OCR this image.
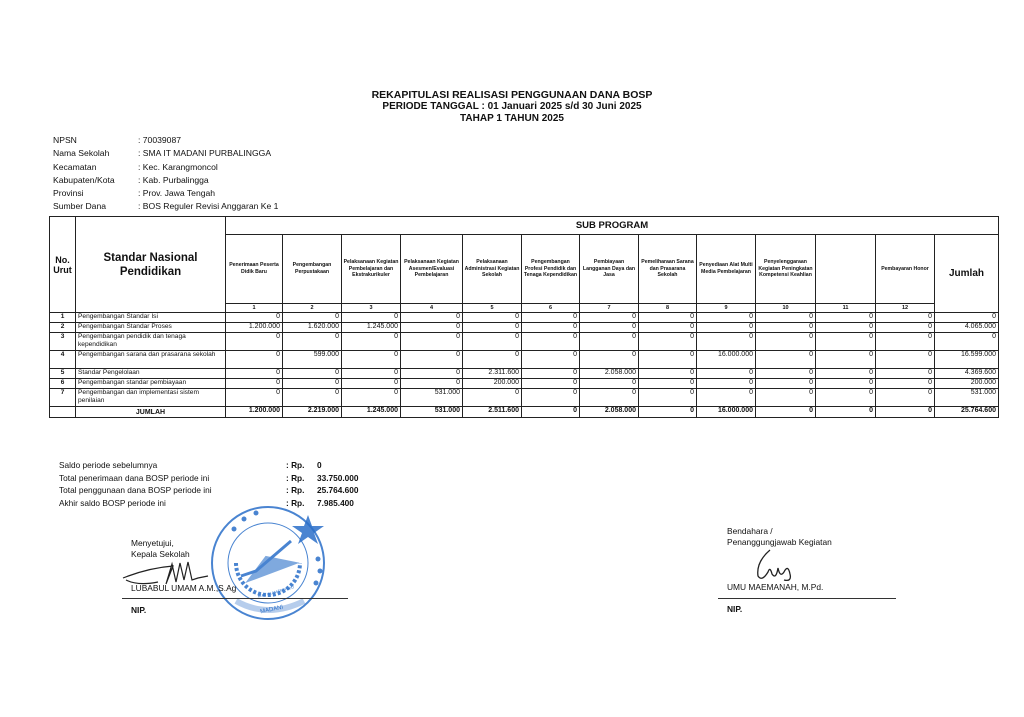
REKAPITULASI REALISASI PENGGUNAAN DANA BOSP
PERIODE TANGGAL : 01 Januari 2025 s/d 30 Juni 2025
TAHAP 1 TAHUN 2025
NPSN	: 70039087
Nama Sekolah	: SMA IT MADANI PURBALINGGA
Kecamatan	: Kec. Karangmoncol
Kabupaten/Kota	: Kab. Purbalingga
Provinsi	: Prov. Jawa Tengah
Sumber Dana	: BOS Reguler Revisi Anggaran Ke 1
No. Urut	Standar Nasional Pendidikan	SUB PROGRAM												
		Penerimaan Peserta Didik Baru	Pengembangan Perpustakaan	Pelaksanaan Kegiatan Pembelajaran dan Ekstrakurikuler	Pelaksanaan Kegiatan Asesmen/Evaluasi Pembelajaran	Pelaksanaan Administrasi Kegiatan Sekolah	Pengembangan Profesi Pendidik dan Tenaga Kependidikan	Pembiayaan Langganan Daya dan Jasa	Pemeliharaan Sarana dan Prasarana Sekolah	Penyediaan Alat Multi Media Pembelajaran	Penyelenggaraan Kegiatan Peningkatan Kompetensi Keahlian		Pembayaran Honor	Jumlah
		1	2	3	4	5	6	7	8	9	10	11	12	
1	Pengembangan Standar Isi	0	0	0	0	0	0	0	0	0	0	0	0	0
2	Pengembangan Standar Proses	1.200.000	1.620.000	1.245.000	0	0	0	0	0	0	0	0	0	4.065.000
3	Pengembangan pendidik dan tenaga kependidikan	0	0	0	0	0	0	0	0	0	0	0	0	0
4	Pengembangan sarana dan prasarana sekolah	0	599.000	0	0	0	0	0	0	16.000.000	0	0	0	16.599.000
5	Standar Pengelolaan	0	0	0	0	2.311.600	0	2.058.000	0	0	0	0	0	4.369.600
6	Pengembangan standar pembiayaan	0	0	0	0	200.000	0	0	0	0	0	0	0	200.000
7	Pengembangan dan implementasi sistem penilaian	0	0	0	531.000	0	0	0	0	0	0	0	0	531.000
	JUMLAH	1.200.000	2.219.000	1.245.000	531.000	2.511.600	0	2.058.000	0	16.000.000	0	0	0	25.764.600
Saldo periode sebelumnya	: Rp.	0
Total penerimaan dana BOSP periode ini	: Rp.	33.750.000
Total penggunaan dana BOSP periode ini	: Rp.	25.764.600
Akhir saldo BOSP periode ini	: Rp.	7.985.400
MADANI
ATAS ISLAM TERPADU
Menyetujui,
Kepala Sekolah
LUBABUL UMAM A.M.,S.Ag
NIP.
Bendahara /
Penanggungjawab Kegiatan
UMU MAEMANAH, M.Pd.
NIP.
